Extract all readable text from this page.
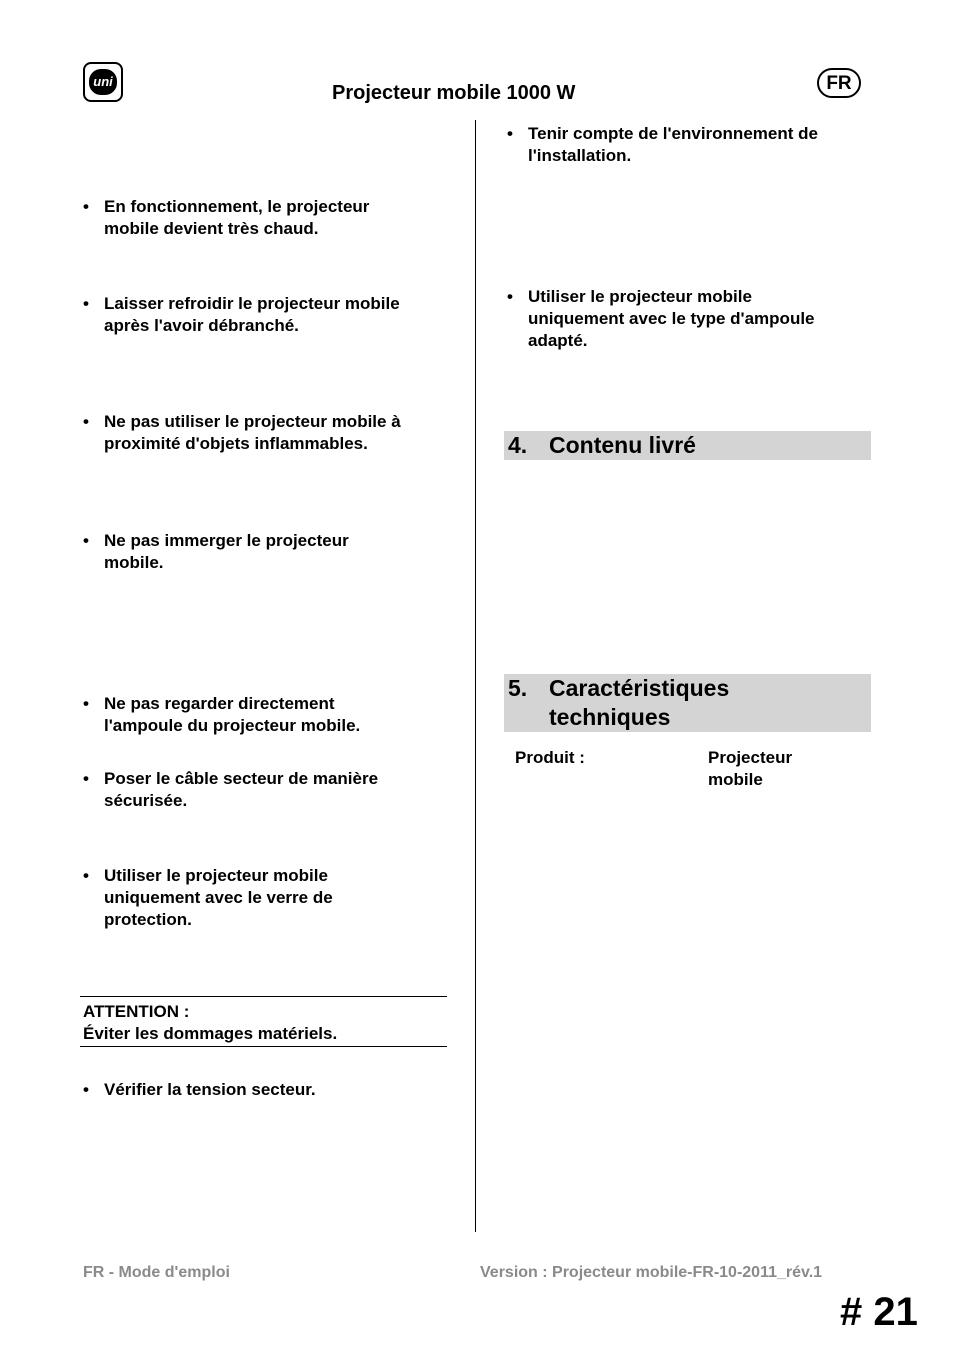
uni
Projecteur mobile 1000 W	FR
• En fonctionnement, le projecteur
mobile devient très chaud.
• Laisser refroidir le projecteur mobile
après l'avoir débranché.
• Ne pas utiliser le projecteur mobile à
proximité d'objets inflammables.
• Ne pas immerger le projecteur
mobile.
• Ne pas regarder directement
l'ampoule du projecteur mobile.
• Poser le câble secteur de manière
sécurisée.
• Utiliser le projecteur mobile
uniquement avec le verre de
protection.
ATTENTION :
Éviter les dommages matériels.
• Vérifier la tension secteur.
• Tenir compte de l'environnement de
l'installation.
• Utiliser le projecteur mobile
uniquement avec le type d'ampoule
adapté.
4. Contenu livré
5. Caractéristiques
techniques
Produit :	Projecteur
mobile
FR - Mode d'emploi	Version : Projecteur mobile-FR-10-2011_rév.1
# 21
